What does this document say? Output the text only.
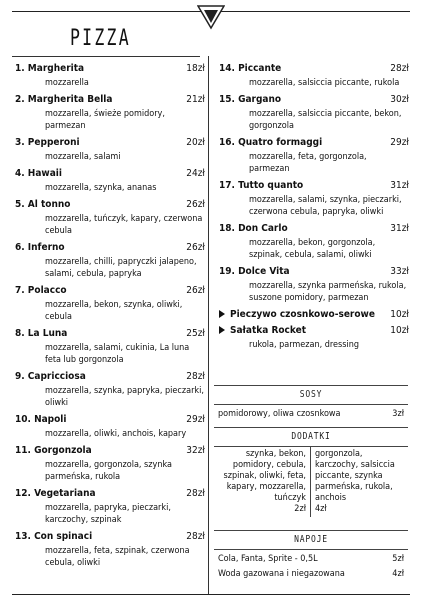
PIZZA
1. Margherita	18zł
mozzarella
2. Margherita Bella	21zł
mozzarella, świeże pomidory, parmezan
3. Pepperoni	20zł
mozzarella, salami
4. Hawaii	24zł
mozzarella, szynka, ananas
5. Al tonno	26zł
mozzarella, tuńczyk, kapary, czerwona cebula
6. Inferno	26zł
mozzarella, chilli, papryczki jalapeno, salami, cebula, papryka
7. Polacco	26zł
mozzarella, bekon, szynka, oliwki, cebula
8. La Luna	25zł
mozzarella, salami, cukinia, La luna feta lub gorgonzola
9. Capricciosa	28zł
mozzarella, szynka, papryka, pieczarki, oliwki
10. Napoli	29zł
mozzarella, oliwki, anchois, kapary
11. Gorgonzola	32zł
mozzarella, gorgonzola, szynka parmeńska, rukola
12. Vegetariana	28zł
mozzarella, papryka, pieczarki, karczochy, szpinak
13. Con spinaci	28zł
mozzarella, feta, szpinak, czerwona cebula, oliwki
14. Piccante	28zł
mozzarella, salsiccia piccante, rukola
15. Gargano	30zł
mozzarella, salsiccia piccante, bekon, gorgonzola
16. Quatro formaggi	29zł
mozzarella, feta, gorgonzola, parmezan
17. Tutto quanto	31zł
mozzarella, salami, szynka, pieczarki, czerwona cebula, papryka, oliwki
18. Don Carlo	31zł
mozzarella, bekon, gorgonzola, szpinak, cebula, salami, oliwki
19. Dolce Vita	33zł
mozzarella, szynka parmeńska, rukola, suszone pomidory, parmezan
Pieczywo czosnkowo-serowe 10zł
Sałatka Rocket	10zł
rukola, parmezan, dressing
SOSY
pomidorowy, oliwa czosnkowa	3zł
DODATKI
szynka, bekon, pomidory, cebula, szpinak, oliwki, feta, kapary, mozzarella, tuńczyk
2zł
gorgonzola, karczochy, salsiccia piccante, szynka parmeńska, rukola, anchois
4zł
NAPOJE
Cola, Fanta, Sprite - 0,5L	5zł
Woda gazowana i niegazowana	4zł
